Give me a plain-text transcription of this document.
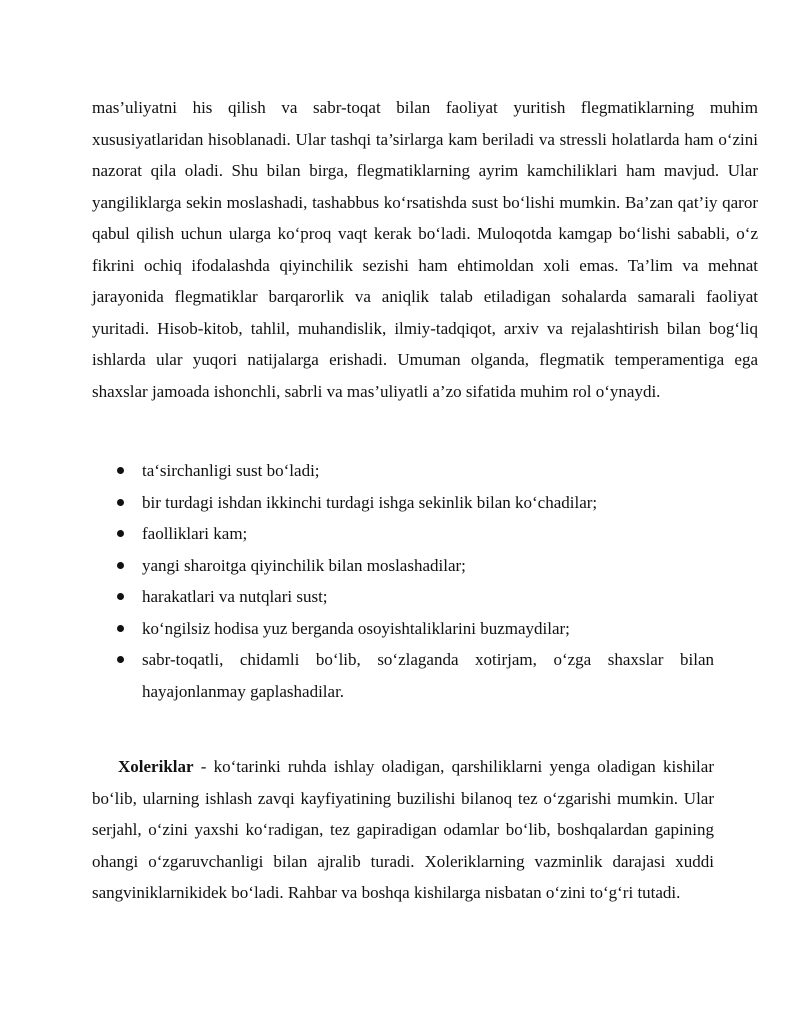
mas’uliyatni his qilish va sabr-toqat bilan faoliyat yuritish flegmatiklarning muhim xususiyatlaridan hisoblanadi. Ular tashqi ta’sirlarga kam beriladi va stressli holatlarda ham o‘zini nazorat qila oladi. Shu bilan birga, flegmatiklarning ayrim kamchiliklari ham mavjud. Ular yangiliklarga sekin moslashadi, tashabbus ko‘rsatishda sust bo‘lishi mumkin. Ba’zan qat’iy qaror qabul qilish uchun ularga ko‘proq vaqt kerak bo‘ladi. Muloqotda kamgap bo‘lishi sababli, o‘z fikrini ochiq ifodalashda qiyinchilik sezishi ham ehtimoldan xoli emas. Ta’lim va mehnat jarayonida flegmatiklar barqarorlik va aniqlik talab etiladigan sohalarda samarali faoliyat yuritadi. Hisob-kitob, tahlil, muhandislik, ilmiy-tadqiqot, arxiv va rejalashtirish bilan bog‘liq ishlarda ular yuqori natijalarga erishadi. Umuman olganda, flegmatik temperamentiga ega shaxslar jamoada ishonchli, sabrli va mas’uliyatli a’zo sifatida muhim rol o‘ynaydi.

ta‘sirchanligi sust bo‘ladi;
bir turdagi ishdan ikkinchi turdagi ishga sekinlik bilan ko‘chadilar;
faolliklari kam;
yangi sharoitga qiyinchilik bilan moslashadilar;
harakatlari va nutqlari sust;
ko‘ngilsiz hodisa yuz berganda osoyishtaliklarini buzmaydilar;
sabr-toqatli, chidamli bo‘lib, so‘zlaganda xotirjam, o‘zga shaxslar bilan hayajonlanmay gaplashadilar.

Xoleriklar - ko‘tarinki ruhda ishlay oladigan, qarshiliklarni yenga oladigan kishilar bo‘lib, ularning ishlash zavqi kayfiyatining buzilishi bilanoq tez o‘zgarishi mumkin. Ular serjahl, o‘zini yaxshi ko‘radigan, tez gapiradigan odamlar bo‘lib, boshqalardan gapining ohangi o‘zgaruvchanligi bilan ajralib turadi. Xoleriklarning vazminlik darajasi xuddi sangviniklarnikidek bo‘ladi. Rahbar va boshqa kishilarga nisbatan o‘zini to‘g‘ri tutadi.
